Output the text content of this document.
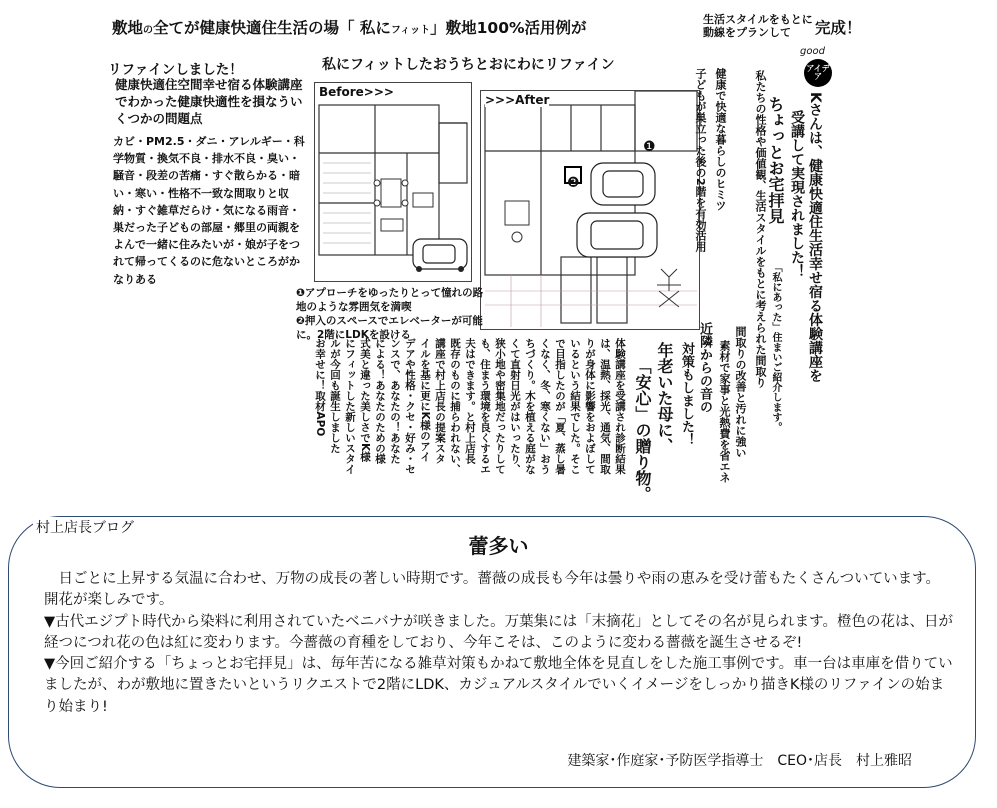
敷地の全てが健康快適住生活の場「 私にフィット」敷地100%活用例が	生活スタイルをもとに
動線をプランして	完成！
リファインしました！
健康快適住空間幸せ宿る体験講座でわかった健康快適性を損なういくつかの問題点
カビ・PM2.5・ダニ・アレルギー・科学物質・換気不良・排水不良・臭い・騒音・段差の苦痛・すぐ散らかる・暗い・寒い・性格不一致な間取りと収納・すぐ雑草だらけ・気になる雨音・巣だった子どもの部屋・郷里の両親をよんで一緒に住みたいが・娘が子をつれて帰ってくるのに危ないところがかなりある
私にフィットしたおうちとおにわにリファイン
Before>>>
>>>After
❶
❷
❶アプローチをゆったりとって憧れの路地のような雰囲気を満喫
❷押入のスペースでエレベーターが可能に。2階にLDKを設ける
子どもが巣立った後の2階を有効活用 健康で快適な暮らしのヒミツ
good
アイデア
Kさんは、健康快適住生活幸せ宿る体験講座を
受講して実現されました！
ちょっとお宅拝見
「私にあった」住まいご紹介します。
生活スタイルをもとに考えられた間取り
私たちの性格や価値観、
間取りの改善と汚れに強い
素材で家事と光熱費を省エネ
近隣からの音の
対策もしました！
年老いた母に、
「安心」の贈り物。
体験講座を受講され診断結果
は、温熱、採光、通気、間取
りが身体に影響をおよぼして
いるという結果でした。そこ
で目指したのが「夏、蒸し暑
くなく、冬、寒くない」おう
ちづくり。木を植える庭がな
くて直射日光がはいったり、
狭小地や密集地だったりして
も、住まう環境を良くするエ
夫はできます。と村上店長
既存のものに捕らわれない、
講座で村上店長の提案スタ
イルを基に更にK様のアイ
デアや性格・クセ・好み・セ
ンスで、あなたの！あなた
による！あなたのための様
式美と違った美しさでK様
にフィットした新しいスタイ
ルが今回も誕生しました
お幸せに！取材APO
村上店長ブログ
蕾多い

　日ごとに上昇する気温に合わせ、万物の成長の著しい時期です。薔薇の成長も今年は曇りや雨の恵みを受け蕾もたくさんついています。開花が楽しみです。

▼古代エジプト時代から染料に利用されていたベニバナが咲きました。万葉集には「末摘花」としてその名が見られます。橙色の花は、日が経つにつれ花の色は紅に変わります。今薔薇の育種をしており、今年こそは、このように変わる薔薇を誕生させるぞ!

▼今回ご紹介する「ちょっとお宅拝見」は、毎年苦になる雑草対策もかねて敷地全体を見直しをした施工事例です。車一台は車庫を借りていましたが、わが敷地に置きたいというリクエストで2階にLDK、カジュアルスタイルでいくイメージをしっかり描きK様のリファインの始まり始まり!

建築家･作庭家･予防医学指導士　CEO･店長　村上雅昭
